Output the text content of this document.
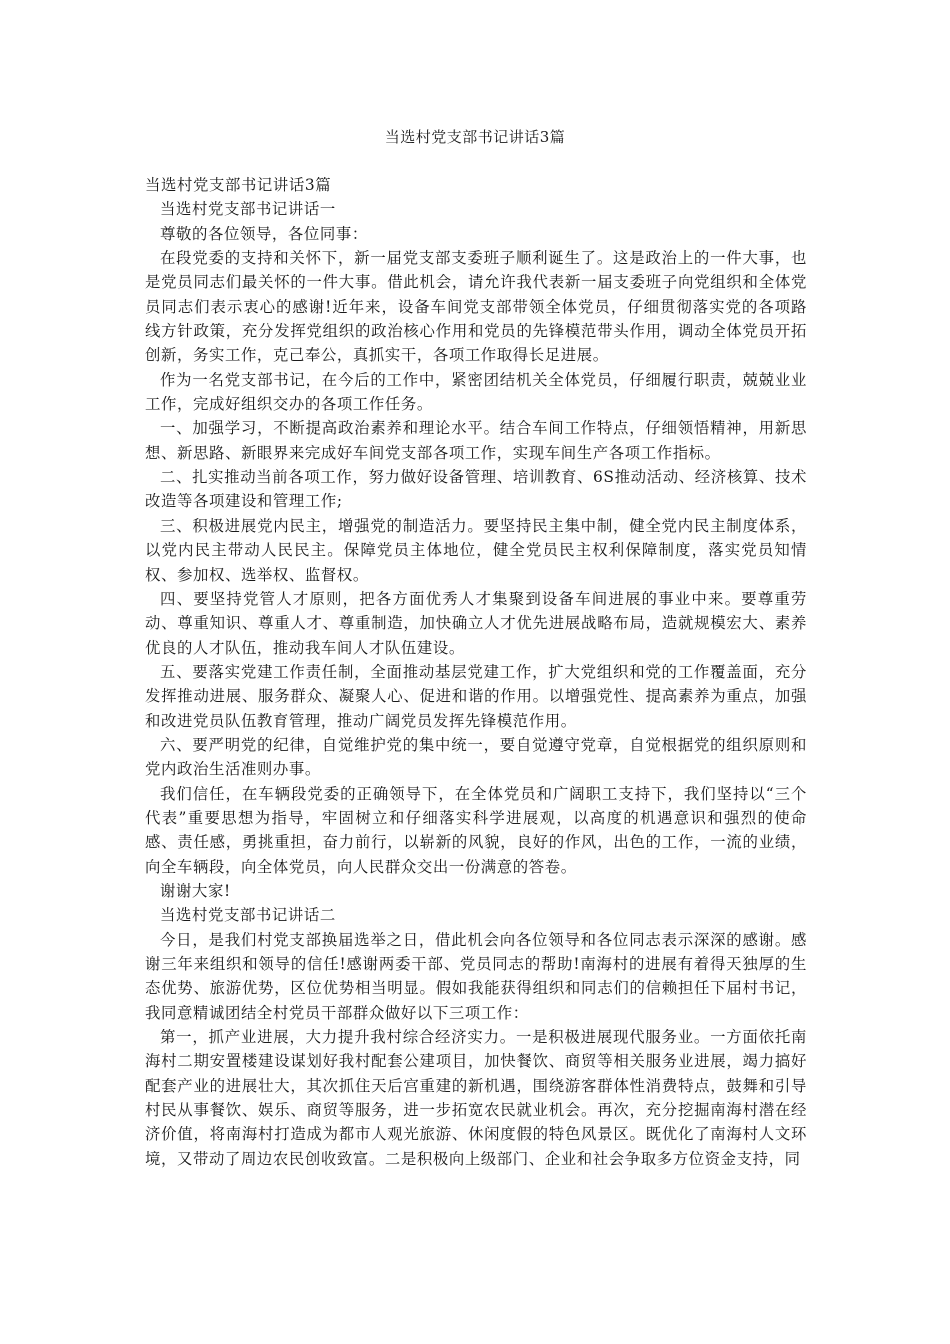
当选村党支部书记讲话3篇

当选村党支部书记讲话3篇

当选村党支部书记讲话一

尊敬的各位领导，各位同事：

在段党委的支持和关怀下，新一届党支部支委班子顺利诞生了。这是政治上的一件大事，也是党员同志们最关怀的一件大事。借此机会，请允许我代表新一届支委班子向党组织和全体党员同志们表示衷心的感谢!近年来，设备车间党支部带领全体党员，仔细贯彻落实党的各项路线方针政策，充分发挥党组织的政治核心作用和党员的先锋模范带头作用，调动全体党员开拓创新，务实工作，克己奉公，真抓实干，各项工作取得长足进展。

作为一名党支部书记，在今后的工作中，紧密团结机关全体党员，仔细履行职责，兢兢业业工作，完成好组织交办的各项工作任务。

一、加强学习，不断提高政治素养和理论水平。结合车间工作特点，仔细领悟精神，用新思想、新思路、新眼界来完成好车间党支部各项工作，实现车间生产各项工作指标。

二、扎实推动当前各项工作，努力做好设备管理、培训教育、6S推动活动、经济核算、技术改造等各项建设和管理工作;

三、积极进展党内民主，增强党的制造活力。要坚持民主集中制，健全党内民主制度体系，以党内民主带动人民民主。保障党员主体地位，健全党员民主权利保障制度，落实党员知情权、参加权、选举权、监督权。

四、要坚持党管人才原则，把各方面优秀人才集聚到设备车间进展的事业中来。要尊重劳动、尊重知识、尊重人才、尊重制造，加快确立人才优先进展战略布局，造就规模宏大、素养优良的人才队伍，推动我车间人才队伍建设。

五、要落实党建工作责任制，全面推动基层党建工作，扩大党组织和党的工作覆盖面，充分发挥推动进展、服务群众、凝聚人心、促进和谐的作用。以增强党性、提高素养为重点，加强和改进党员队伍教育管理，推动广阔党员发挥先锋模范作用。

六、要严明党的纪律，自觉维护党的集中统一，要自觉遵守党章，自觉根据党的组织原则和党内政治生活准则办事。

我们信任，在车辆段党委的正确领导下，在全体党员和广阔职工支持下，我们坚持以“三个代表”重要思想为指导，牢固树立和仔细落实科学进展观，以高度的机遇意识和强烈的使命感、责任感，勇挑重担，奋力前行，以崭新的风貌，良好的作风，出色的工作，一流的业绩，向全车辆段，向全体党员，向人民群众交出一份满意的答卷。

谢谢大家!

当选村党支部书记讲话二

今日，是我们村党支部换届选举之日，借此机会向各位领导和各位同志表示深深的感谢。感谢三年来组织和领导的信任!感谢两委干部、党员同志的帮助!南海村的进展有着得天独厚的生态优势、旅游优势，区位优势相当明显。假如我能获得组织和同志们的信赖担任下届村书记，我同意精诚团结全村党员干部群众做好以下三项工作：

第一，抓产业进展，大力提升我村综合经济实力。一是积极进展现代服务业。一方面依托南海村二期安置楼建设谋划好我村配套公建项目，加快餐饮、商贸等相关服务业进展，竭力搞好配套产业的进展壮大，其次抓住天后宫重建的新机遇，围绕游客群体性消费特点，鼓舞和引导村民从事餐饮、娱乐、商贸等服务，进一步拓宽农民就业机会。再次，充分挖掘南海村潜在经济价值，将南海村打造成为都市人观光旅游、休闲度假的特色风景区。既优化了南海村人文环境，又带动了周边农民创收致富。二是积极向上级部门、企业和社会争取多方位资金支持，同
